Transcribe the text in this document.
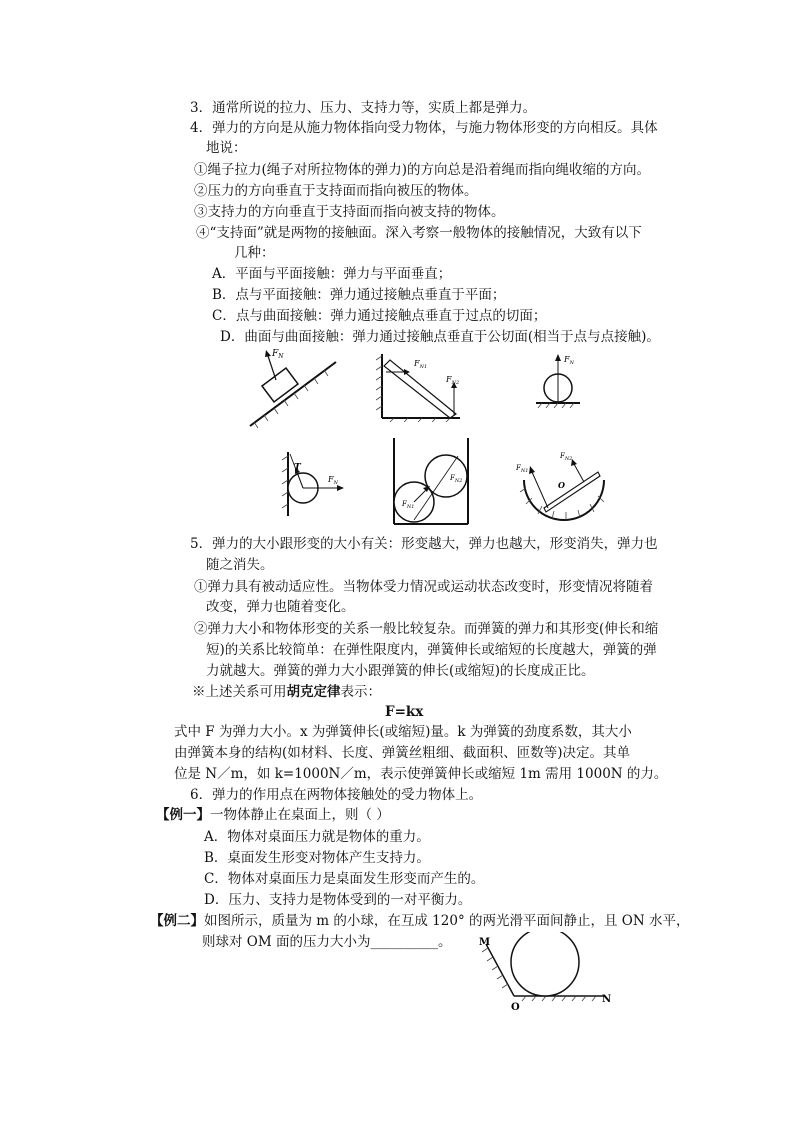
3．通常所说的拉力、压力、支持力等，实质上都是弹力。
4．弹力的方向是从施力物体指向受力物体，与施力物体形变的方向相反。具体
地说：
①绳子拉力(绳子对所拉物体的弹力)的方向总是沿着绳而指向绳收缩的方向。
②压力的方向垂直于支持面而指向被压的物体。
③支持力的方向垂直于支持面而指向被支持的物体。
④“支持面”就是两物的接触面。深入考察一般物体的接触情况，大致有以下
几种：
A．平面与平面接触：弹力与平面垂直；
B．点与平面接触：弹力通过接触点垂直于平面；
C．点与曲面接触：弹力通过接触点垂直于过点的切面；
D．曲面与曲面接触：弹力通过接触点垂直于公切面(相当于点与点接触)。
$F_N$
$F_{N1}$
$F_{N2}$
$F_N$
T
$F_N$
$F_{N1}$
$F_{N2}$
$F_{N1}$
$F_{N2}$
O
5．弹力的大小跟形变的大小有关：形变越大，弹力也越大，形变消失，弹力也
随之消失。
①弹力具有被动适应性。当物体受力情况或运动状态改变时，形变情况将随着
改变，弹力也随着变化。
②弹力大小和物体形变的关系一般比较复杂。而弹簧的弹力和其形变(伸长和缩
短)的关系比较简单：在弹性限度内，弹簧伸长或缩短的长度越大，弹簧的弹
力就越大。弹簧的弹力大小跟弹簧的伸长(或缩短)的长度成正比。
※上述关系可用胡克定律表示：
F=kx
式中 F 为弹力大小。x 为弹簧伸长(或缩短)量。k 为弹簧的劲度系数，其大小
由弹簧本身的结构(如材料、长度、弹簧丝粗细、截面积、匝数等)决定。其单
位是 N／m，如 k=1000N／m，表示使弹簧伸长或缩短 1m 需用 1000N 的力。
6．弹力的作用点在两物体接触处的受力物体上。
【例一】一物体静止在桌面上，则（ ）
A．物体对桌面压力就是物体的重力。
B．桌面发生形变对物体产生支持力。
C．物体对桌面压力是桌面发生形变而产生的。
D．压力、支持力是物体受到的一对平衡力。
【例二】如图所示，质量为 m 的小球，在互成 120° 的两光滑平面间静止，且 ON 水平，
则球对 OM 面的压力大小为__________。	M
O
N
